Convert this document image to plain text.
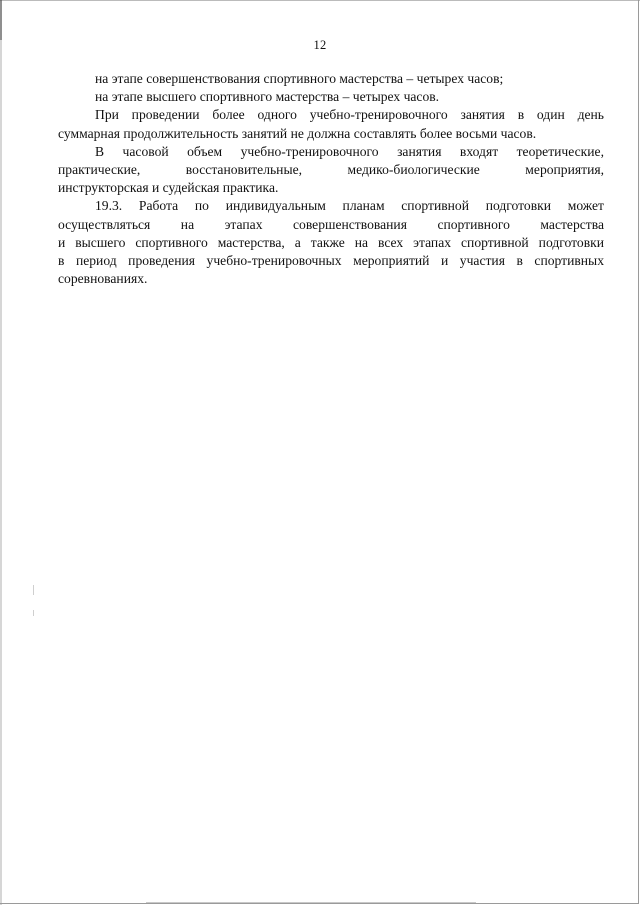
12
на этапе совершенствования спортивного мастерства – четырех часов;
на этапе высшего спортивного мастерства – четырех часов.
При проведении более одного учебно-тренировочного занятия в один день
суммарная продолжительность занятий не должна составлять более восьми часов.
В часовой объем учебно-тренировочного занятия входят теоретические,
практические, восстановительные, медико-биологические мероприятия,
инструкторская и судейская практика.
19.3. Работа по индивидуальным планам спортивной подготовки может
осуществляться на этапах совершенствования спортивного мастерства
и высшего спортивного мастерства, а также на всех этапах спортивной подготовки
в период проведения учебно-тренировочных мероприятий и участия в спортивных
соревнованиях.
